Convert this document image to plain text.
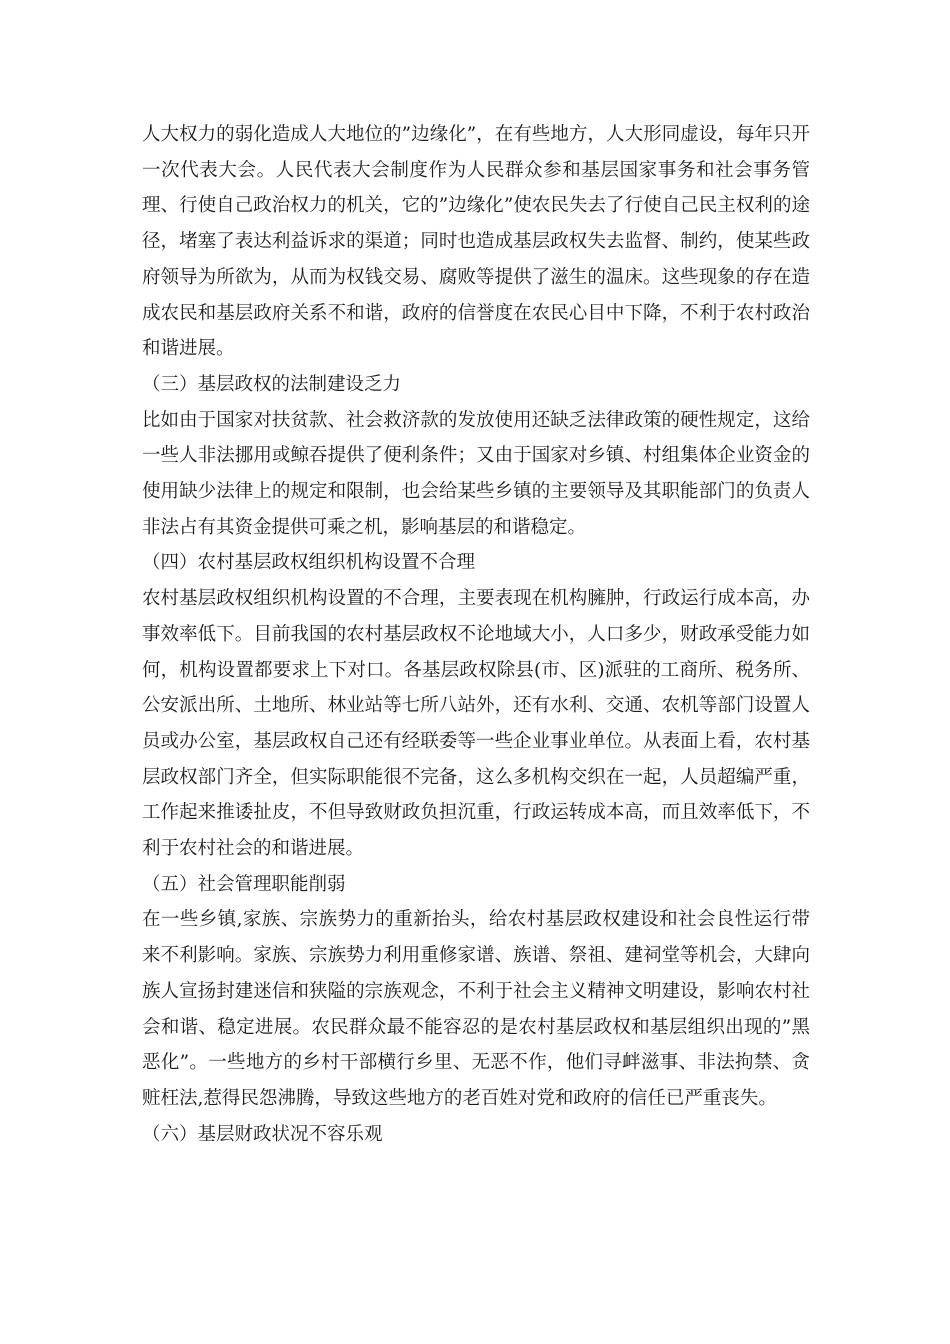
人大权力的弱化造成人大地位的”边缘化”，在有些地方，人大形同虚设，每年只开一次代表大会。人民代表大会制度作为人民群众参和基层国家事务和社会事务管理、行使自己政治权力的机关，它的”边缘化”使农民失去了行使自己民主权利的途径，堵塞了表达利益诉求的渠道；同时也造成基层政权失去监督、制约，使某些政府领导为所欲为，从而为权钱交易、腐败等提供了滋生的温床。这些现象的存在造成农民和基层政府关系不和谐，政府的信誉度在农民心目中下降，不利于农村政治和谐进展。

（三）基层政权的法制建设乏力

比如由于国家对扶贫款、社会救济款的发放使用还缺乏法律政策的硬性规定，这给一些人非法挪用或鲸吞提供了便利条件；又由于国家对乡镇、村组集体企业资金的使用缺少法律上的规定和限制，也会给某些乡镇的主要领导及其职能部门的负责人非法占有其资金提供可乘之机，影响基层的和谐稳定。

（四）农村基层政权组织机构设置不合理

农村基层政权组织机构设置的不合理，主要表现在机构臃肿，行政运行成本高，办事效率低下。目前我国的农村基层政权不论地域大小，人口多少，财政承受能力如何，机构设置都要求上下对口。各基层政权除县(市、区)派驻的工商所、税务所、公安派出所、土地所、林业站等七所八站外，还有水利、交通、农机等部门设置人员或办公室，基层政权自己还有经联委等一些企业事业单位。从表面上看，农村基层政权部门齐全，但实际职能很不完备，这么多机构交织在一起，人员超编严重，工作起来推诿扯皮，不但导致财政负担沉重，行政运转成本高，而且效率低下，不利于农村社会的和谐进展。

（五）社会管理职能削弱

在一些乡镇,家族、宗族势力的重新抬头，给农村基层政权建设和社会良性运行带来不利影响。家族、宗族势力利用重修家谱、族谱、祭祖、建祠堂等机会，大肆向族人宣扬封建迷信和狭隘的宗族观念，不利于社会主义精神文明建设，影响农村社会和谐、稳定进展。农民群众最不能容忍的是农村基层政权和基层组织出现的”黑恶化”。一些地方的乡村干部横行乡里、无恶不作，他们寻衅滋事、非法拘禁、贪赃枉法,惹得民怨沸腾，导致这些地方的老百姓对党和政府的信任已严重丧失。

（六）基层财政状况不容乐观
